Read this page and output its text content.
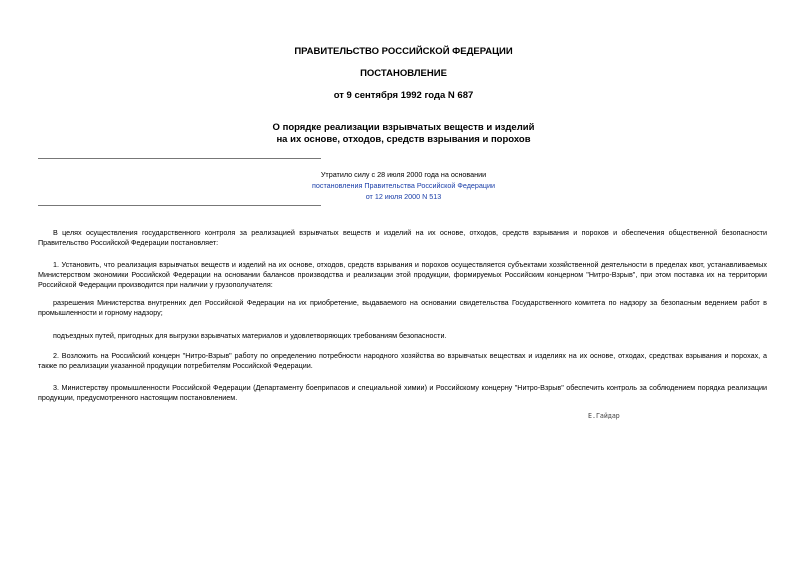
ПРАВИТЕЛЬСТВО РОССИЙСКОЙ ФЕДЕРАЦИИ
ПОСТАНОВЛЕНИЕ
от 9 сентября 1992 года N 687
О порядке реализации взрывчатых веществ и изделий
на их основе, отходов, средств взрывания и порохов
Утратило силу с 28 июля 2000 года на основании
постановления Правительства Российской Федерации
от 12 июля 2000 N 513
В целях осуществления государственного контроля за реализацией взрывчатых веществ и изделий на их основе, отходов, средств взрывания и порохов и обеспечения общественной безопасности Правительство Российской Федерации постановляет:
1. Установить, что реализация взрывчатых веществ и изделий на их основе, отходов, средств взрывания и порохов осуществляется субъектами хозяйственной деятельности в пределах квот, устанавливаемых Министерством экономики Российской Федерации на основании балансов производства и реализации этой продукции, формируемых Российским концерном "Нитро-Взрыв", при этом поставка их на территории Российской Федерации производится при наличии у грузополучателя:
разрешения Министерства внутренних дел Российской Федерации на их приобретение, выдаваемого на основании свидетельства Государственного комитета по надзору за безопасным ведением работ в промышленности и горному надзору;
подъездных путей, пригодных для выгрузки взрывчатых материалов и удовлетворяющих требованиям безопасности.
2. Возложить на Российский концерн "Нитро-Взрыв" работу по определению потребности народного хозяйства во взрывчатых веществах и изделиях на их основе, отходах, средствах взрывания и порохах, а также по реализации указанной продукции потребителям Российской Федерации.
3. Министерству промышленности Российской Федерации (Департаменту боеприпасов и специальной химии) и Российскому концерну "Нитро-Взрыв" обеспечить контроль за соблюдением порядка реализации продукции, предусмотренного настоящим постановлением.
Е.Гайдар
